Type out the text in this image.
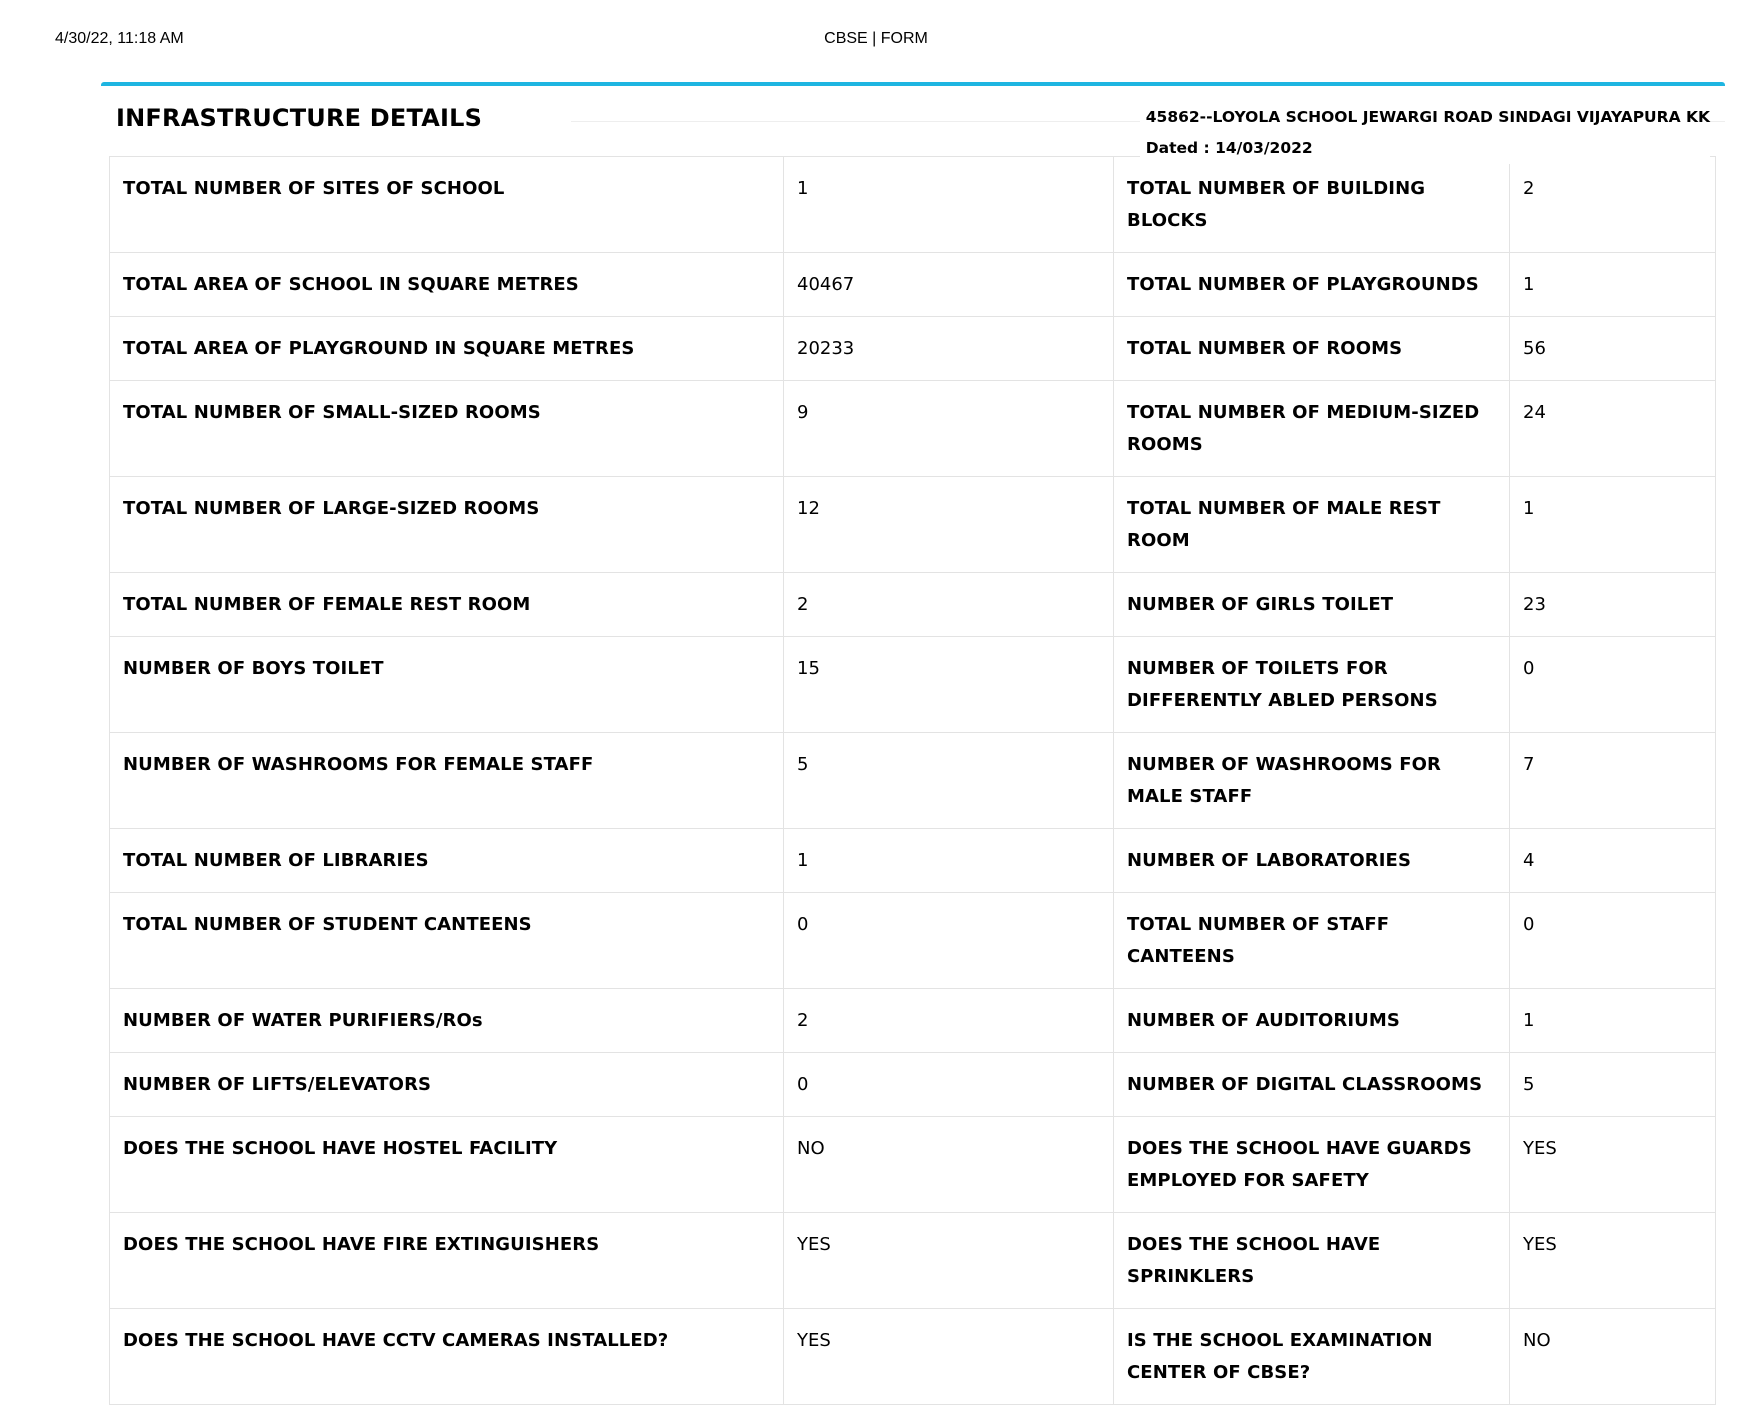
4/30/22, 11:18 AM	CBSE | FORM
INFRASTRUCTURE DETAILS	45862--LOYOLA SCHOOL JEWARGI ROAD SINDAGI VIJAYAPURA KK
Dated : 14/03/2022
TOTAL NUMBER OF SITES OF SCHOOL	1	TOTAL NUMBER OF BUILDING BLOCKS	2
TOTAL AREA OF SCHOOL IN SQUARE METRES	40467	TOTAL NUMBER OF PLAYGROUNDS	1
TOTAL AREA OF PLAYGROUND IN SQUARE METRES	20233	TOTAL NUMBER OF ROOMS	56
TOTAL NUMBER OF SMALL-SIZED ROOMS	9	TOTAL NUMBER OF MEDIUM-SIZED ROOMS	24
TOTAL NUMBER OF LARGE-SIZED ROOMS	12	TOTAL NUMBER OF MALE REST ROOM	1
TOTAL NUMBER OF FEMALE REST ROOM	2	NUMBER OF GIRLS TOILET	23
NUMBER OF BOYS TOILET	15	NUMBER OF TOILETS FOR DIFFERENTLY ABLED PERSONS	0
NUMBER OF WASHROOMS FOR FEMALE STAFF	5	NUMBER OF WASHROOMS FOR MALE STAFF	7
TOTAL NUMBER OF LIBRARIES	1	NUMBER OF LABORATORIES	4
TOTAL NUMBER OF STUDENT CANTEENS	0	TOTAL NUMBER OF STAFF CANTEENS	0
NUMBER OF WATER PURIFIERS/ROs	2	NUMBER OF AUDITORIUMS	1
NUMBER OF LIFTS/ELEVATORS	0	NUMBER OF DIGITAL CLASSROOMS	5
DOES THE SCHOOL HAVE HOSTEL FACILITY	NO	DOES THE SCHOOL HAVE GUARDS EMPLOYED FOR SAFETY	YES
DOES THE SCHOOL HAVE FIRE EXTINGUISHERS	YES	DOES THE SCHOOL HAVE SPRINKLERS	YES
DOES THE SCHOOL HAVE CCTV CAMERAS INSTALLED?	YES	IS THE SCHOOL EXAMINATION CENTER OF CBSE?	NO
